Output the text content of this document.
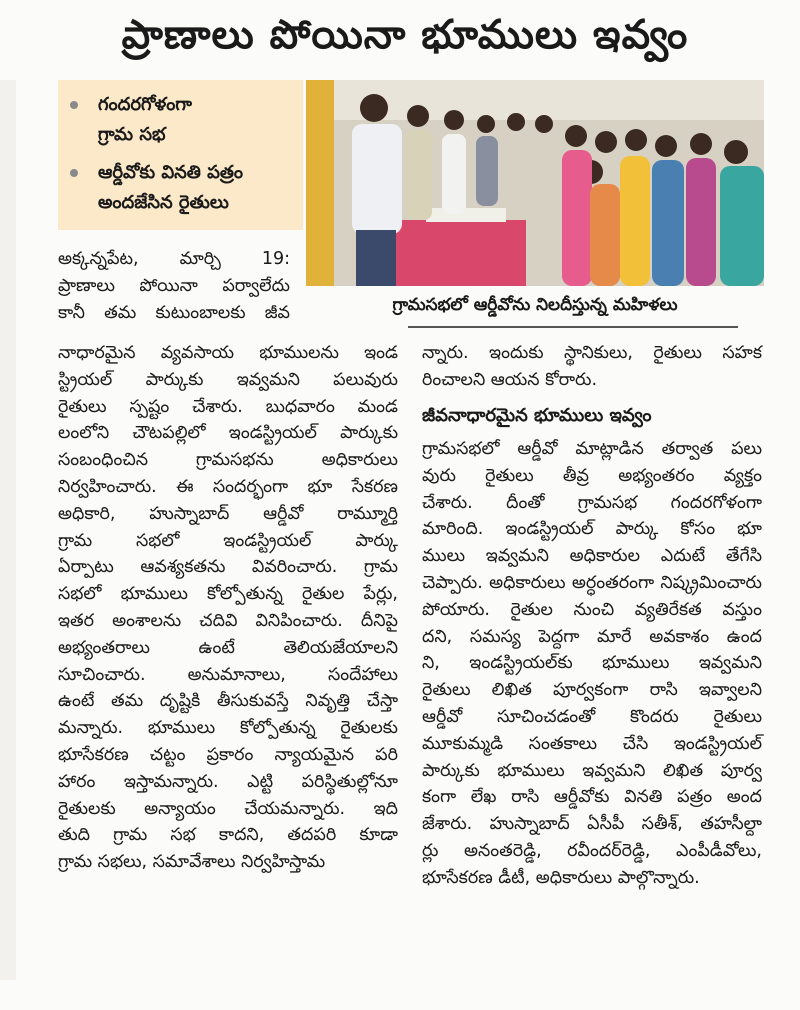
ప్రాణాలు పోయినా భూములు ఇవ్వం
గందరగోళంగా
గ్రామ సభ
ఆర్డీవోకు వినతి పత్రం
అందజేసిన రైతులు
గ్రామసభలో ఆర్డీవోను నిలదీస్తున్న మహిళలు
అక్కన్నపేట, మార్చి 19:
ప్రాణాలు పోయినా పర్వాలేదు
కానీ తమ కుటుంబాలకు జీవ
నాధారమైన వ్యవసాయ భూములను ఇండ
స్ట్రియల్ పార్కుకు ఇవ్వమని పలువురు
రైతులు స్పష్టం చేశారు. బుధవారం మండ
లంలోని చౌటపల్లిలో ఇండస్ట్రియల్ పార్కుకు
సంబంధించిన గ్రామసభను అధికారులు
నిర్వహించారు. ఈ సందర్భంగా భూ సేకరణ
అధికారి, హుస్నాబాద్ ఆర్డీవో రామ్మూర్తి
గ్రామ సభలో ఇండస్ట్రియల్ పార్కు
ఏర్పాటు ఆవశ్యకతను వివరించారు. గ్రామ
సభలో భూములు కోల్పోతున్న రైతుల పేర్లు,
ఇతర అంశాలను చదివి వినిపించారు. దీనిపై
అభ్యంతరాలు ఉంటే తెలియజేయాలని
సూచించారు. అనుమానాలు, సందేహాలు
ఉంటే తమ దృష్టికి తీసుకువస్తే నివృత్తి చేస్తా
మన్నారు. భూములు కోల్పోతున్న రైతులకు
భూసేకరణ చట్టం ప్రకారం న్యాయమైన పరి
హారం ఇస్తామన్నారు. ఎట్టి పరిస్థితుల్లోనూ
రైతులకు అన్యాయం చేయమన్నారు. ఇది
తుది గ్రామ సభ కాదని, తదపరి కూడా
గ్రామ సభలు, సమావేశాలు నిర్వహిస్తామ
న్నారు. ఇందుకు స్థానికులు, రైతులు సహక
రించాలని ఆయన కోరారు.
జీవనాధారమైన భూములు ఇవ్వం
గ్రామసభలో ఆర్డీవో మాట్లాడిన తర్వాత పలు
వురు రైతులు తీవ్ర అభ్యంతరం వ్యక్తం
చేశారు. దీంతో గ్రామసభ గందరగోళంగా
మారింది. ఇండస్ట్రియల్ పార్కు కోసం భూ
ములు ఇవ్వమని అధికారుల ఎదుటే తేగేసి
చెప్పారు. అధికారులు అర్ధంతరంగా నిష్క్రమించారు
పోయారు. రైతుల నుంచి వ్యతిరేకత వస్తుం
దని, సమస్య పెద్దగా మారే అవకాశం ఉంద
ని, ఇండస్ట్రియల్‌కు భూములు ఇవ్వమని
రైతులు లిఖిత పూర్వకంగా రాసి ఇవ్వాలని
ఆర్డీవో సూచించడంతో కొందరు రైతులు
మూకుమ్మడి సంతకాలు చేసి ఇండస్ట్రియల్
పార్కుకు భూములు ఇవ్వమని లిఖిత పూర్వ
కంగా లేఖ రాసి ఆర్డీవోకు వినతి పత్రం అంద
జేశారు. హుస్నాబాద్ ఏసీపీ సతీశ్, తహసీల్దా
ర్లు అనంతరెడ్డి, రవీందర్‌రెడ్డి, ఎంపీడీవోలు,
భూసేకరణ డీటీ, అధికారులు పాల్గొన్నారు.
